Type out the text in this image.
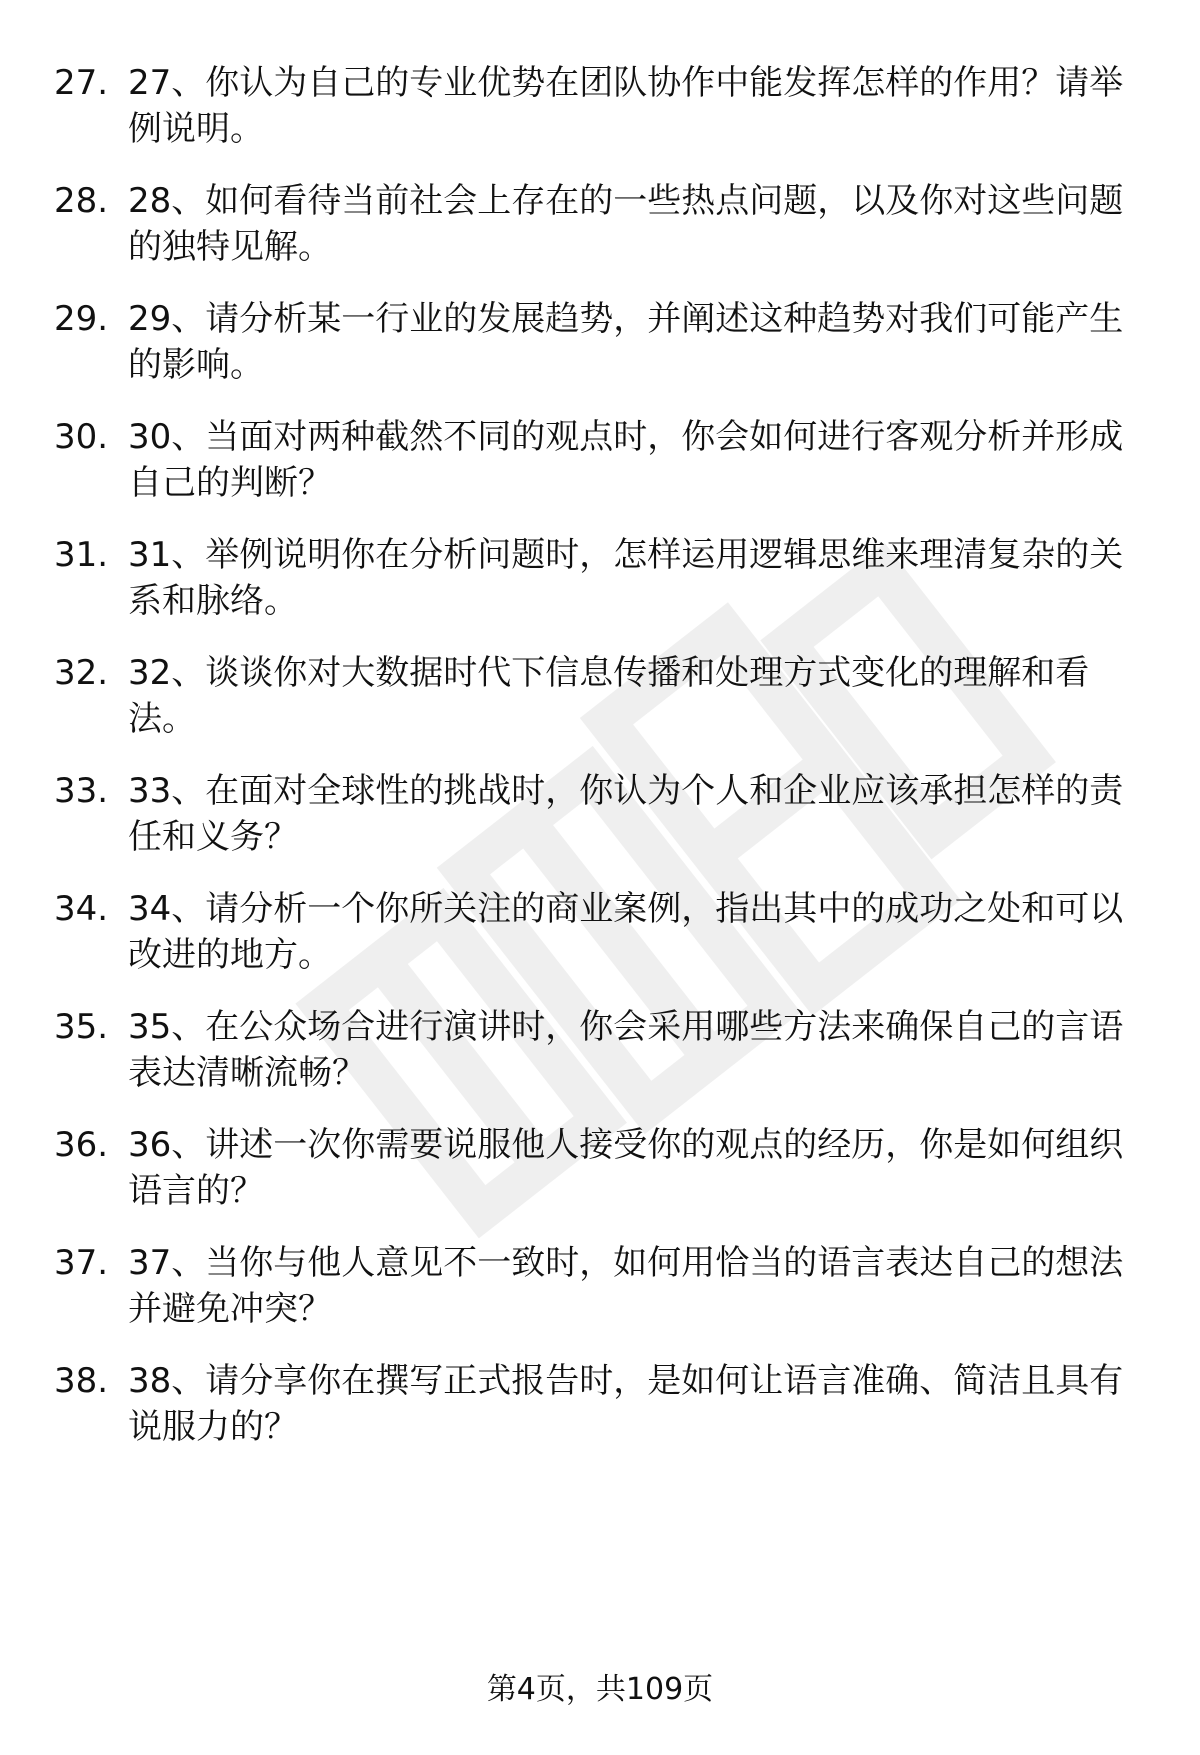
27. 27、你认为自己的专业优势在团队协作中能发挥怎样的作用？请举例说明。
28. 28、如何看待当前社会上存在的一些热点问题，以及你对这些问题的独特见解。
29. 29、请分析某一行业的发展趋势，并阐述这种趋势对我们可能产生的影响。
30. 30、当面对两种截然不同的观点时，你会如何进行客观分析并形成自己的判断？
31. 31、举例说明你在分析问题时，怎样运用逻辑思维来理清复杂的关系和脉络。
32. 32、谈谈你对大数据时代下信息传播和处理方式变化的理解和看法。
33. 33、在面对全球性的挑战时，你认为个人和企业应该承担怎样的责任和义务？
34. 34、请分析一个你所关注的商业案例，指出其中的成功之处和可以改进的地方。
35. 35、在公众场合进行演讲时，你会采用哪些方法来确保自己的言语表达清晰流畅？
36. 36、讲述一次你需要说服他人接受你的观点的经历，你是如何组织语言的？
37. 37、当你与他人意见不一致时，如何用恰当的语言表达自己的想法并避免冲突？
38. 38、请分享你在撰写正式报告时，是如何让语言准确、简洁且具有说服力的？
第4页，共109页
